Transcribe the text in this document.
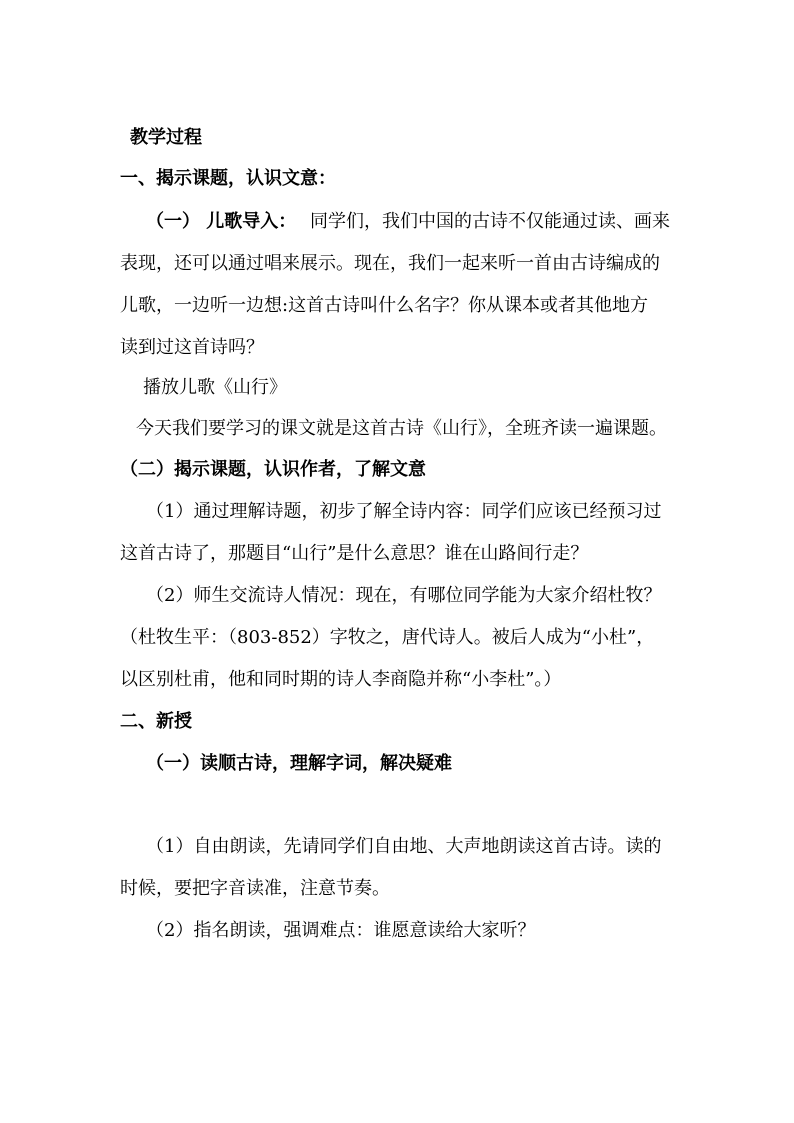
教学过程
一、揭示课题，认识文意：
（一） 儿歌导入： 同学们，我们中国的古诗不仅能通过读、画来
表现，还可以通过唱来展示。现在，我们一起来听一首由古诗编成的
儿歌，一边听一边想:这首古诗叫什么名字？你从课本或者其他地方
读到过这首诗吗？
播放儿歌《山行》
今天我们要学习的课文就是这首古诗《山行》，全班齐读一遍课题。
（二）揭示课题，认识作者，了解文意
（1）通过理解诗题，初步了解全诗内容：同学们应该已经预习过
这首古诗了，那题目“山行”是什么意思？谁在山路间行走？
（2）师生交流诗人情况：现在，有哪位同学能为大家介绍杜牧？
（杜牧生平：（803-852）字牧之，唐代诗人。被后人成为“小杜”，
以区别杜甫，他和同时期的诗人李商隐并称“小李杜”。）
二、新授
（一）读顺古诗，理解字词，解决疑难
（1）自由朗读，先请同学们自由地、大声地朗读这首古诗。读的
时候，要把字音读准，注意节奏。
（2）指名朗读，强调难点：谁愿意读给大家听？
